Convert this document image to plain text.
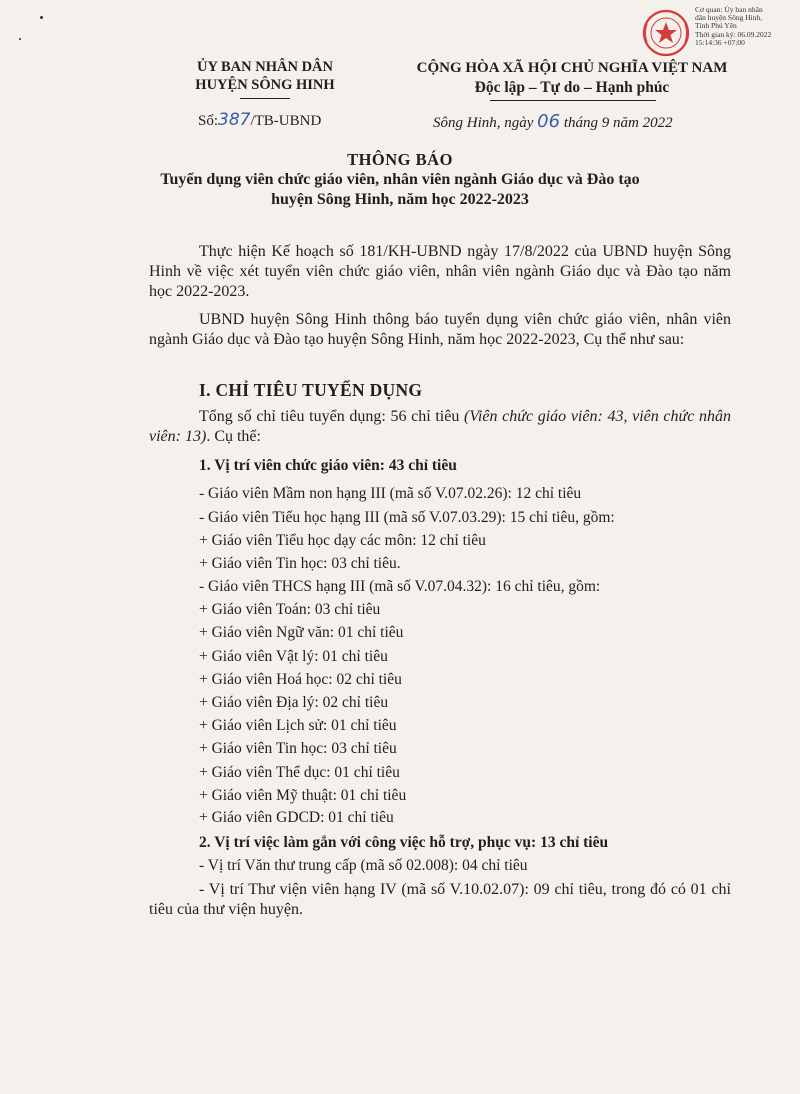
Cơ quan: Ủy ban nhân
dân huyện Sông Hinh,
Tỉnh Phú Yên
Thời gian ký: 06.09.2022
15:14:36 +07:00
ỦY BAN NHÂN DÂN
HUYỆN SÔNG HINH
CỘNG HÒA XÃ HỘI CHỦ NGHĨA VIỆT NAM
Độc lập – Tự do – Hạnh phúc
Số:387/TB-UBND	Sông Hinh, ngày 06 tháng 9 năm 2022
THÔNG BÁO
Tuyển dụng viên chức giáo viên, nhân viên ngành Giáo dục và Đào tạo
huyện Sông Hinh, năm học 2022-2023
Thực hiện Kế hoạch số 181/KH-UBND ngày 17/8/2022 của UBND huyện Sông Hinh về việc xét tuyển viên chức giáo viên, nhân viên ngành Giáo dục và Đào tạo năm học 2022-2023.
UBND huyện Sông Hinh thông báo tuyển dụng viên chức giáo viên, nhân viên ngành Giáo dục và Đào tạo huyện Sông Hinh, năm học 2022-2023, Cụ thể như sau:
I. CHỈ TIÊU TUYỂN DỤNG
Tổng số chỉ tiêu tuyển dụng: 56 chỉ tiêu (Viên chức giáo viên: 43, viên chức nhân viên: 13). Cụ thể:
1. Vị trí viên chức giáo viên: 43 chỉ tiêu
- Giáo viên Mầm non hạng III (mã số V.07.02.26): 12 chỉ tiêu
- Giáo viên Tiểu học hạng III (mã số V.07.03.29): 15 chỉ tiêu, gồm:
+ Giáo viên Tiểu học dạy các môn: 12 chỉ tiêu
+ Giáo viên Tin học: 03 chỉ tiêu.
- Giáo viên THCS hạng III (mã số V.07.04.32): 16 chỉ tiêu, gồm:
+ Giáo viên Toán: 03 chỉ tiêu
+ Giáo viên Ngữ văn: 01 chỉ tiêu
+ Giáo viên Vật lý: 01 chỉ tiêu
+ Giáo viên Hoá học: 02 chỉ tiêu
+ Giáo viên Địa lý: 02 chỉ tiêu
+ Giáo viên Lịch sử: 01 chỉ tiêu
+ Giáo viên Tin học: 03 chỉ tiêu
+ Giáo viên Thể dục: 01 chỉ tiêu
+ Giáo viên Mỹ thuật: 01 chỉ tiêu
+ Giáo viên GDCD: 01 chỉ tiêu
2. Vị trí việc làm gắn với công việc hỗ trợ, phục vụ: 13 chỉ tiêu
- Vị trí Văn thư trung cấp (mã số 02.008): 04 chỉ tiêu
- Vị trí Thư viện viên hạng IV (mã số V.10.02.07): 09 chỉ tiêu, trong đó có 01 chỉ tiêu của thư viện huyện.
